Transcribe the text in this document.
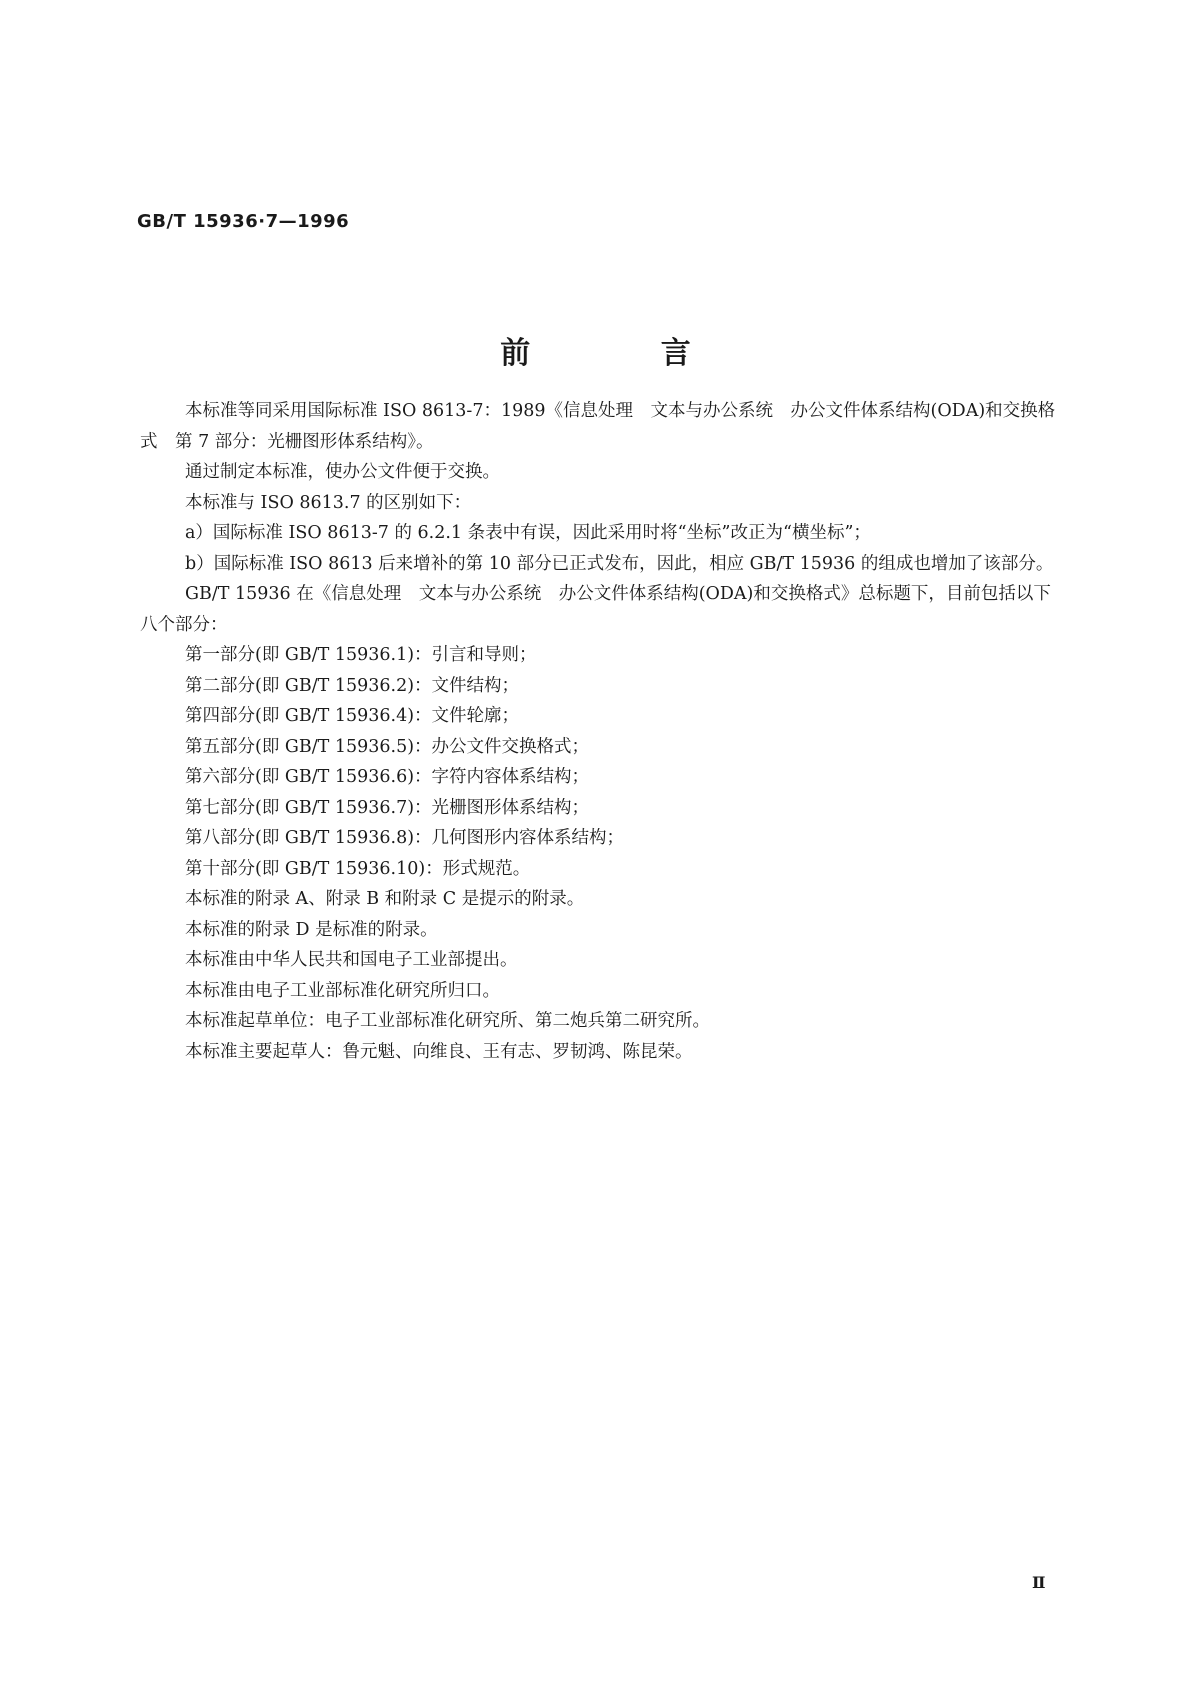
GB/T 15936·7—1996

前 言

本标准等同采用国际标准 ISO 8613-7：1989《信息处理　文本与办公系统　办公文件体系结构(ODA)和交换格式　第 7 部分：光栅图形体系结构》。

通过制定本标准，使办公文件便于交换。

本标准与 ISO 8613.7 的区别如下：

a）国际标准 ISO 8613-7 的 6.2.1 条表中有误，因此采用时将“坐标”改正为“横坐标”；

b）国际标准 ISO 8613 后来增补的第 10 部分已正式发布，因此，相应 GB/T 15936 的组成也增加了该部分。

GB/T 15936 在《信息处理　文本与办公系统　办公文件体系结构(ODA)和交换格式》总标题下，目前包括以下八个部分：

第一部分(即 GB/T 15936.1)：引言和导则；

第二部分(即 GB/T 15936.2)：文件结构；

第四部分(即 GB/T 15936.4)：文件轮廓；

第五部分(即 GB/T 15936.5)：办公文件交换格式；

第六部分(即 GB/T 15936.6)：字符内容体系结构；

第七部分(即 GB/T 15936.7)：光栅图形体系结构；

第八部分(即 GB/T 15936.8)：几何图形内容体系结构；

第十部分(即 GB/T 15936.10)：形式规范。

本标准的附录 A、附录 B 和附录 C 是提示的附录。

本标准的附录 D 是标准的附录。

本标准由中华人民共和国电子工业部提出。

本标准由电子工业部标准化研究所归口。

本标准起草单位：电子工业部标准化研究所、第二炮兵第二研究所。

本标准主要起草人：鲁元魁、向维良、王有志、罗韧鸿、陈昆荣。

Ⅱ
